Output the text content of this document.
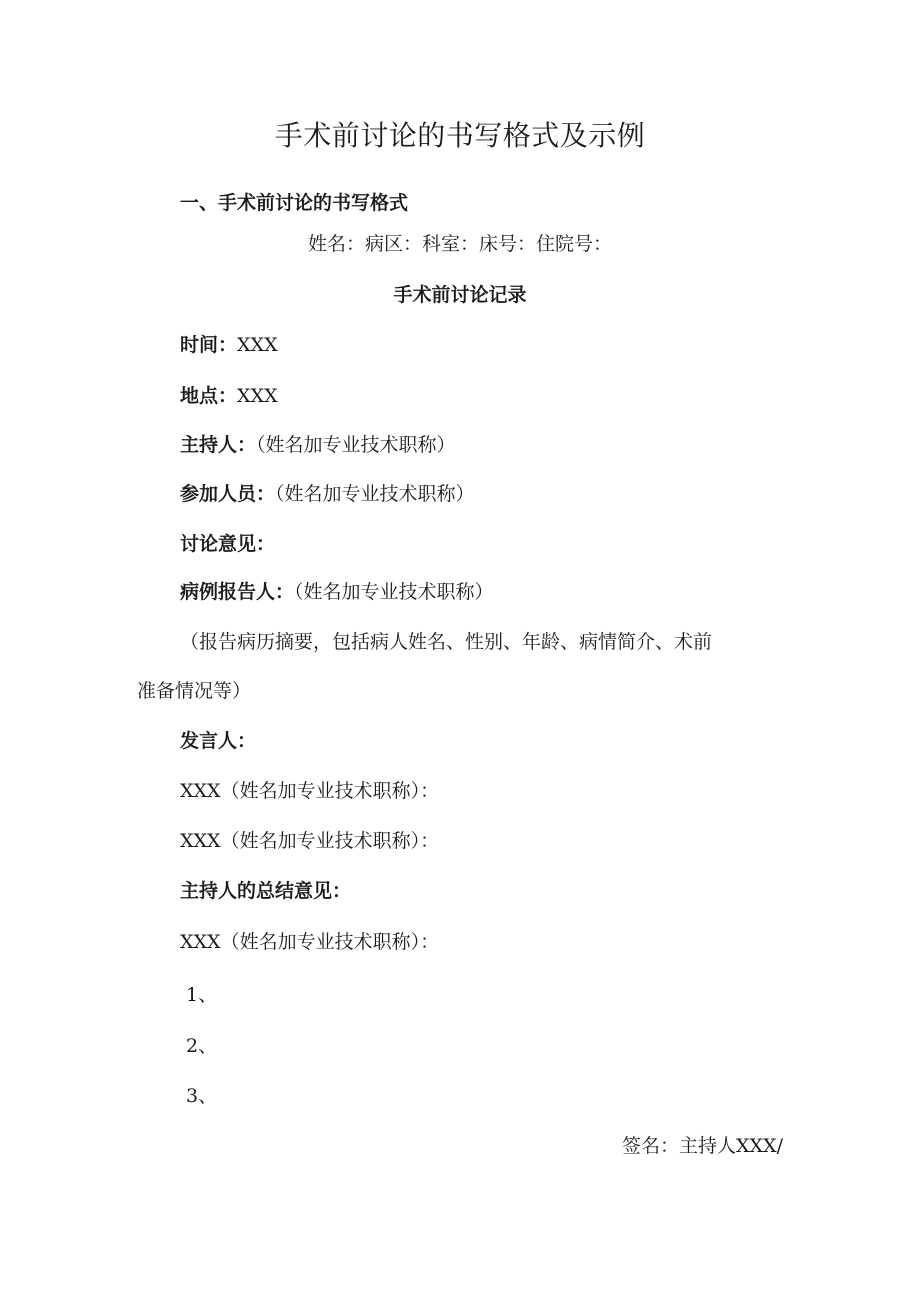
手术前讨论的书写格式及示例
一、手术前讨论的书写格式
姓名：病区：科室：床号：住院号：
手术前讨论记录
时间：XXX
地点：XXX
主持人：（姓名加专业技术职称）
参加人员：（姓名加专业技术职称）
讨论意见：
病例报告人：（姓名加专业技术职称）
（报告病历摘要，包括病人姓名、性别、年龄、病情简介、术前
准备情况等）
发言人：
XXX（姓名加专业技术职称）：
XXX（姓名加专业技术职称）：
主持人的总结意见：
XXX（姓名加专业技术职称）：
1、
2、
3、
签名：主持人XXX/
